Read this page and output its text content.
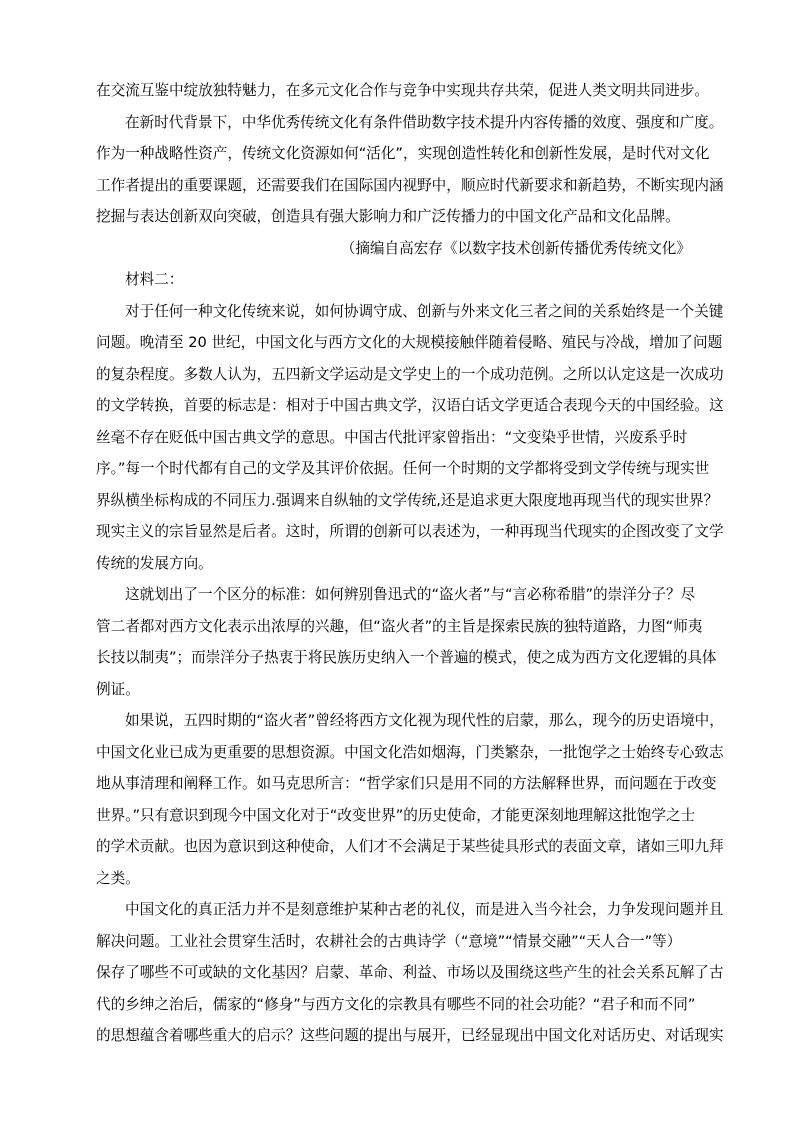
在交流互鉴中绽放独特魅力，在多元文化合作与竞争中实现共存共荣，促进人类文明共同进步。
在新时代背景下，中华优秀传统文化有条件借助数字技术提升内容传播的效度、强度和广度。
作为一种战略性资产，传统文化资源如何“活化”，实现创造性转化和创新性发展，是时代对文化
工作者提出的重要课题，还需要我们在国际国内视野中，顺应时代新要求和新趋势，不断实现内涵
挖掘与表达创新双向突破，创造具有强大影响力和广泛传播力的中国文化产品和文化品牌。
（摘编自高宏存《以数字技术创新传播优秀传统文化》
材料二：
对于任何一种文化传统来说，如何协调守成、创新与外来文化三者之间的关系始终是一个关键
问题。晚清至 20 世纪，中国文化与西方文化的大规模接触伴随着侵略、殖民与冷战，增加了问题
的复杂程度。多数人认为，五四新文学运动是文学史上的一个成功范例。之所以认定这是一次成功
的文学转换，首要的标志是：相对于中国古典文学，汉语白话文学更适合表现今天的中国经验。这
丝毫不存在贬低中国古典文学的意思。中国古代批评家曾指出：“文变染乎世情，兴废系乎时
序。”每一个时代都有自己的文学及其评价依据。任何一个时期的文学都将受到文学传统与现实世
界纵横坐标构成的不同压力.强调来自纵轴的文学传统,还是追求更大限度地再现当代的现实世界？
现实主义的宗旨显然是后者。这时，所谓的创新可以表述为，一种再现当代现实的企图改变了文学
传统的发展方向。
这就划出了一个区分的标准：如何辨别鲁迅式的“盗火者”与“言必称希腊”的崇洋分子？尽
管二者都对西方文化表示出浓厚的兴趣，但“盗火者”的主旨是探索民族的独特道路，力图“师夷
长技以制夷”；而崇洋分子热衷于将民族历史纳入一个普遍的模式，使之成为西方文化逻辑的具体
例证。
如果说，五四时期的“盗火者”曾经将西方文化视为现代性的启蒙，那么，现今的历史语境中，
中国文化业已成为更重要的思想资源。中国文化浩如烟海，门类繁杂，一批饱学之士始终专心致志
地从事清理和阐释工作。如马克思所言：“哲学家们只是用不同的方法解释世界，而问题在于改变
世界。”只有意识到现今中国文化对于“改变世界”的历史使命，才能更深刻地理解这批饱学之士
的学术贡献。也因为意识到这种使命，人们才不会满足于某些徒具形式的表面文章，诸如三叩九拜
之类。
中国文化的真正活力并不是刻意维护某种古老的礼仪，而是进入当今社会，力争发现问题并且
解决问题。工业社会贯穿生活时，农耕社会的古典诗学（“意境”“情景交融”“天人合一”等）
保存了哪些不可或缺的文化基因？启蒙、革命、利益、市场以及围绕这些产生的社会关系瓦解了古
代的乡绅之治后，儒家的“修身”与西方文化的宗教具有哪些不同的社会功能？“君子和而不同”
的思想蕴含着哪些重大的启示？这些问题的提出与展开，已经显现出中国文化对话历史、对话现实
